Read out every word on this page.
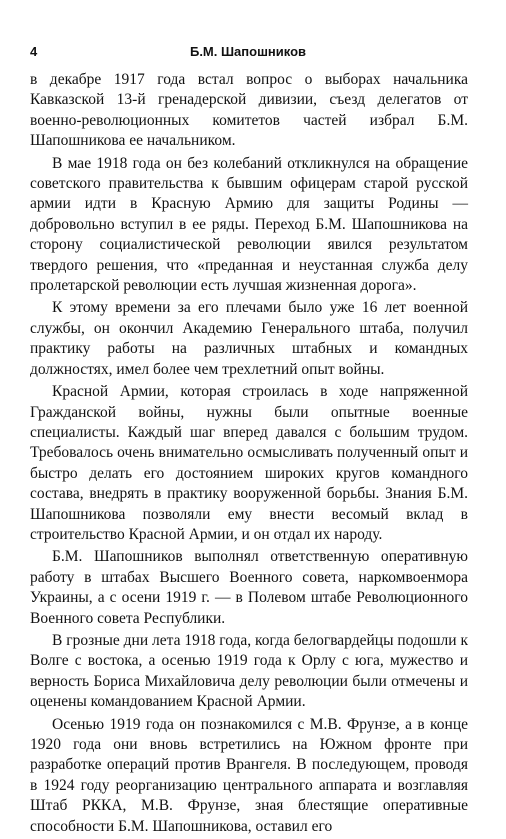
4	Б.М. Шапошников

в декабре 1917 года встал вопрос о выборах начальника Кавказской 13-й гренадерской дивизии, съезд делегатов от военно-революционных комитетов частей избрал Б.М. Шапошникова ее начальником.

В мае 1918 года он без колебаний откликнулся на обращение советского правительства к бывшим офицерам старой русской армии идти в Красную Армию для защиты Родины — добровольно вступил в ее ряды. Переход Б.М. Шапошникова на сторону социалистической революции явился результатом твердого решения, что «преданная и неустанная служба делу пролетарской революции есть лучшая жизненная дорога».

К этому времени за его плечами было уже 16 лет военной службы, он окончил Академию Генерального штаба, получил практику работы на различных штабных и командных должностях, имел более чем трехлетний опыт войны.

Красной Армии, которая строилась в ходе напряженной Гражданской войны, нужны были опытные военные специалисты. Каждый шаг вперед давался с большим трудом. Требовалось очень внимательно осмысливать полученный опыт и быстро делать его достоянием широких кругов командного состава, внедрять в практику вооруженной борьбы. Знания Б.М. Шапошникова позволяли ему внести весомый вклад в строительство Красной Армии, и он отдал их народу.

Б.М. Шапошников выполнял ответственную оперативную работу в штабах Высшего Военного совета, наркомвоенмора Украины, а с осени 1919 г. — в Полевом штабе Революционного Военного совета Республики.

В грозные дни лета 1918 года, когда белогвардейцы подошли к Волге с востока, а осенью 1919 года к Орлу с юга, мужество и верность Бориса Михайловича делу революции были отмечены и оценены командованием Красной Армии.

Осенью 1919 года он познакомился с М.В. Фрунзе, а в конце 1920 года они вновь встретились на Южном фронте при разработке операций против Врангеля. В последующем, проводя в 1924 году реорганизацию центрального аппарата и возглавляя Штаб РККА, М.В. Фрунзе, зная блестящие оперативные способности Б.М. Шапошникова, оставил его
